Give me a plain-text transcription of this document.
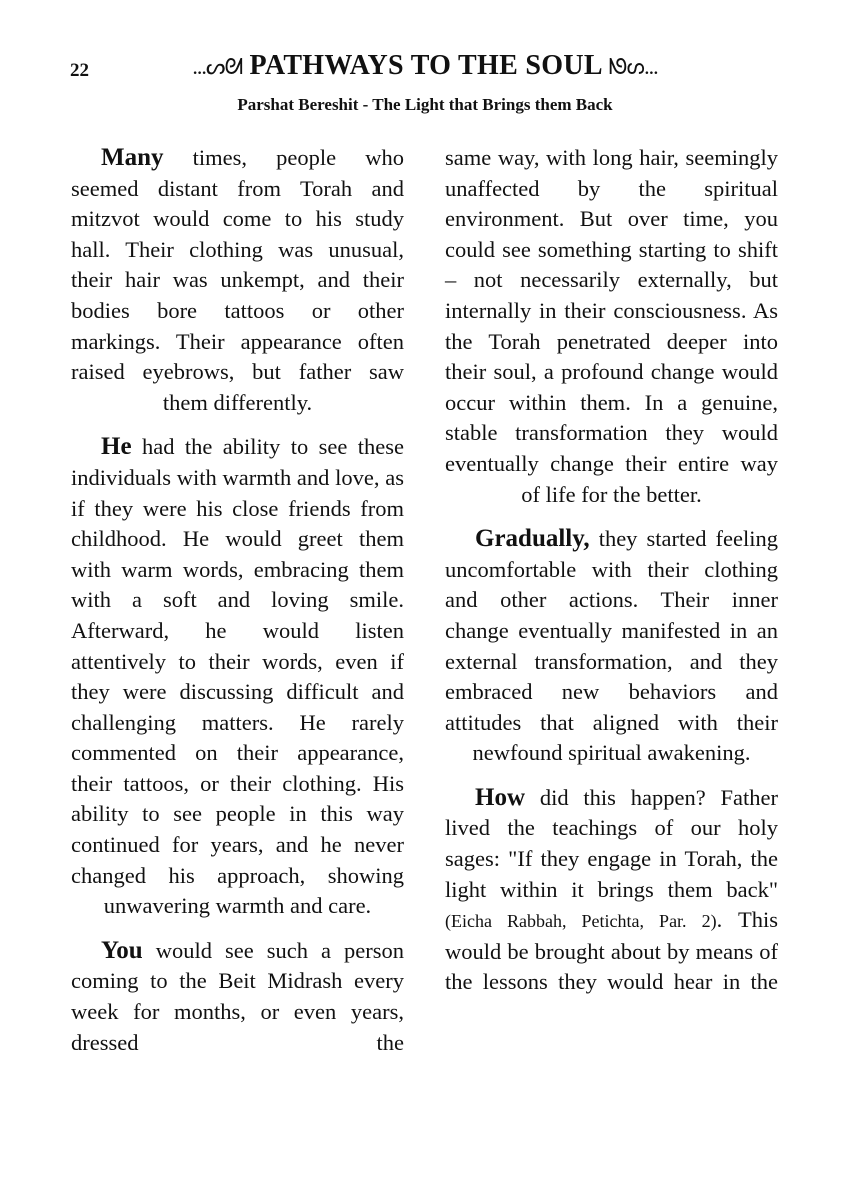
22	...ᔕᘛ PATHWAYS TO THE SOUL ᘚᔕ...
Parshat Bereshit - The Light that Brings them Back

Many times, people who seemed distant from Torah and mitzvot would come to his study hall. Their clothing was unusual, their hair was unkempt, and their bodies bore tattoos or other markings. Their appearance often raised eyebrows, but father saw them differently.

He had the ability to see these individuals with warmth and love, as if they were his close friends from childhood. He would greet them with warm words, embracing them with a soft and loving smile. Afterward, he would listen attentively to their words, even if they were discussing difficult and challenging matters. He rarely commented on their appearance, their tattoos, or their clothing. His ability to see people in this way continued for years, and he never changed his approach, showing unwavering warmth and care.

You would see such a person coming to the Beit Midrash every week for months, or even years, dressed the

same way, with long hair, seemingly unaffected by the spiritual environment. But over time, you could see something starting to shift – not necessarily externally, but internally in their consciousness. As the Torah penetrated deeper into their soul, a profound change would occur within them. In a genuine, stable transformation they would eventually change their entire way of life for the better.

Gradually, they started feeling uncomfortable with their clothing and other actions. Their inner change eventually manifested in an external transformation, and they embraced new behaviors and attitudes that aligned with their newfound spiritual awakening.

How did this happen? Father lived the teachings of our holy sages: "If they engage in Torah, the light within it brings them back" (Eicha Rabbah, Petichta, Par. 2). This would be brought about by means of the lessons they would hear in the
